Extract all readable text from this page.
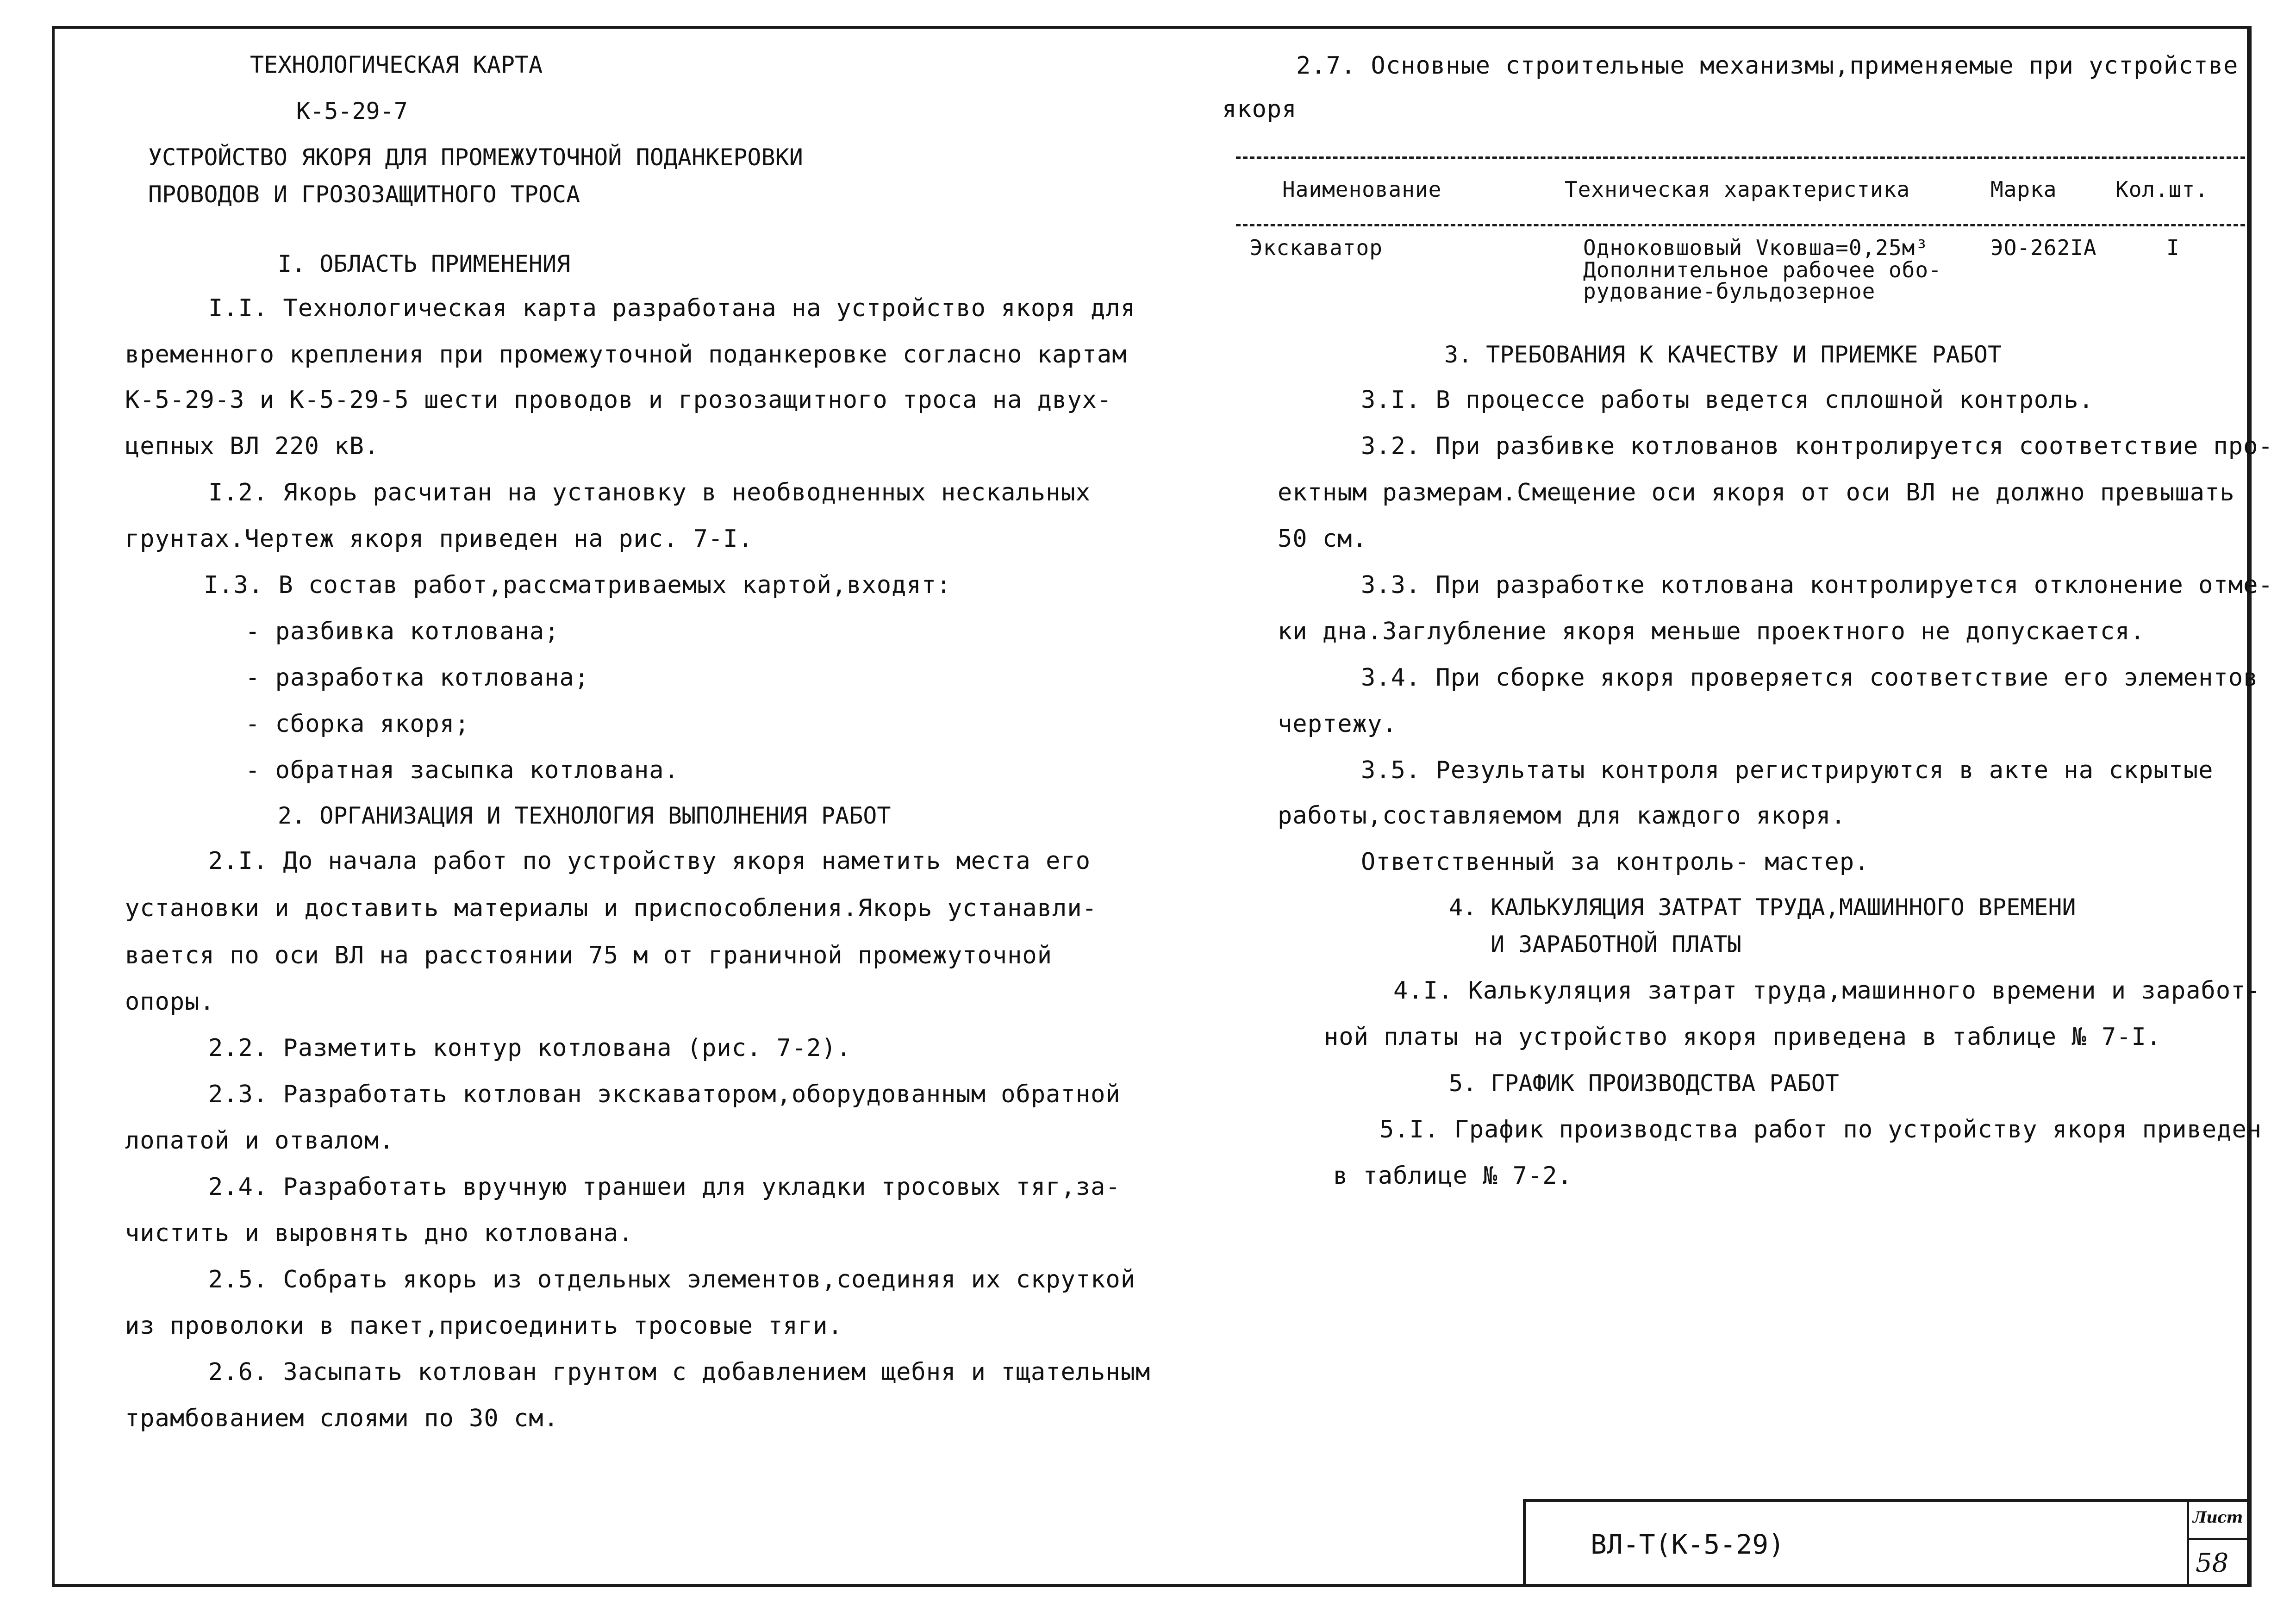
ТЕХНОЛОГИЧЕСКАЯ КАРТА
К-5-29-7
УСТРОЙСТВО ЯКОРЯ ДЛЯ ПРОМЕЖУТОЧНОЙ ПОДАНКЕРОВКИ
ПРОВОДОВ И ГРОЗОЗАЩИТНОГО ТРОСА
I. ОБЛАСТЬ ПРИМЕНЕНИЯ
I.I. Технологическая карта разработана на устройство якоря для
временного крепления при промежуточной поданкеровке согласно картам
К-5-29-3 и К-5-29-5 шести проводов и грозозащитного троса на двух-
цепных ВЛ 220 кВ.
I.2. Якорь расчитан на установку в необводненных нескальных
грунтах.Чертеж якоря приведен на рис. 7-I.
I.3. В состав работ,рассматриваемых картой,входят:
- разбивка котлована;
- разработка котлована;
- сборка якоря;
- обратная засыпка котлована.
2. ОРГАНИЗАЦИЯ И ТЕХНОЛОГИЯ ВЫПОЛНЕНИЯ РАБОТ
2.I. До начала работ по устройству якоря наметить места его
установки и доставить материалы и приспособления.Якорь устанавли-
вается по оси ВЛ на расстоянии 75 м от граничной промежуточной
опоры.
2.2. Разметить контур котлована (рис. 7-2).
2.3. Разработать котлован экскаватором,оборудованным обратной
лопатой и отвалом.
2.4. Разработать вручную траншеи для укладки тросовых тяг,за-
чистить и выровнять дно котлована.
2.5. Собрать якорь из отдельных элементов,соединяя их скруткой
из проволоки в пакет,присоединить тросовые тяги.
2.6. Засыпать котлован грунтом с добавлением щебня и тщательным
трамбованием слоями по 30 см.
2.7. Основные строительные механизмы,применяемые при устройстве
якоря
Наименование	Техническая характеристика	Марка	Кол.шт.
Экскаватор	Одноковшовый Vковша=0,25м³
Дополнительное рабочее обо-
рудование-бульдозерное
ЭО-262IА	I
3. ТРЕБОВАНИЯ К КАЧЕСТВУ И ПРИЕМКЕ РАБОТ
3.I. В процессе работы ведется сплошной контроль.
3.2. При разбивке котлованов контролируется соответствие про-
ектным размерам.Смещение оси якоря от оси ВЛ не должно превышать
50 см.
3.3. При разработке котлована контролируется отклонение отме-
ки дна.Заглубление якоря меньше проектного не допускается.
3.4. При сборке якоря проверяется соответствие его элементов
чертежу.
3.5. Результаты контроля регистрируются в акте на скрытые
работы,составляемом для каждого якоря.
Ответственный за контроль- мастер.
4. КАЛЬКУЛЯЦИЯ ЗАТРАТ ТРУДА,МАШИННОГО ВРЕМЕНИ
И ЗАРАБОТНОЙ ПЛАТЫ
4.I. Калькуляция затрат труда,машинного времени и заработ-
ной платы на устройство якоря приведена в таблице № 7-I.
5. ГРАФИК ПРОИЗВОДСТВА РАБОТ
5.I. График производства работ по устройству якоря приведен
в таблице № 7-2.
ВЛ-Т(К-5-29)
Лист
58
